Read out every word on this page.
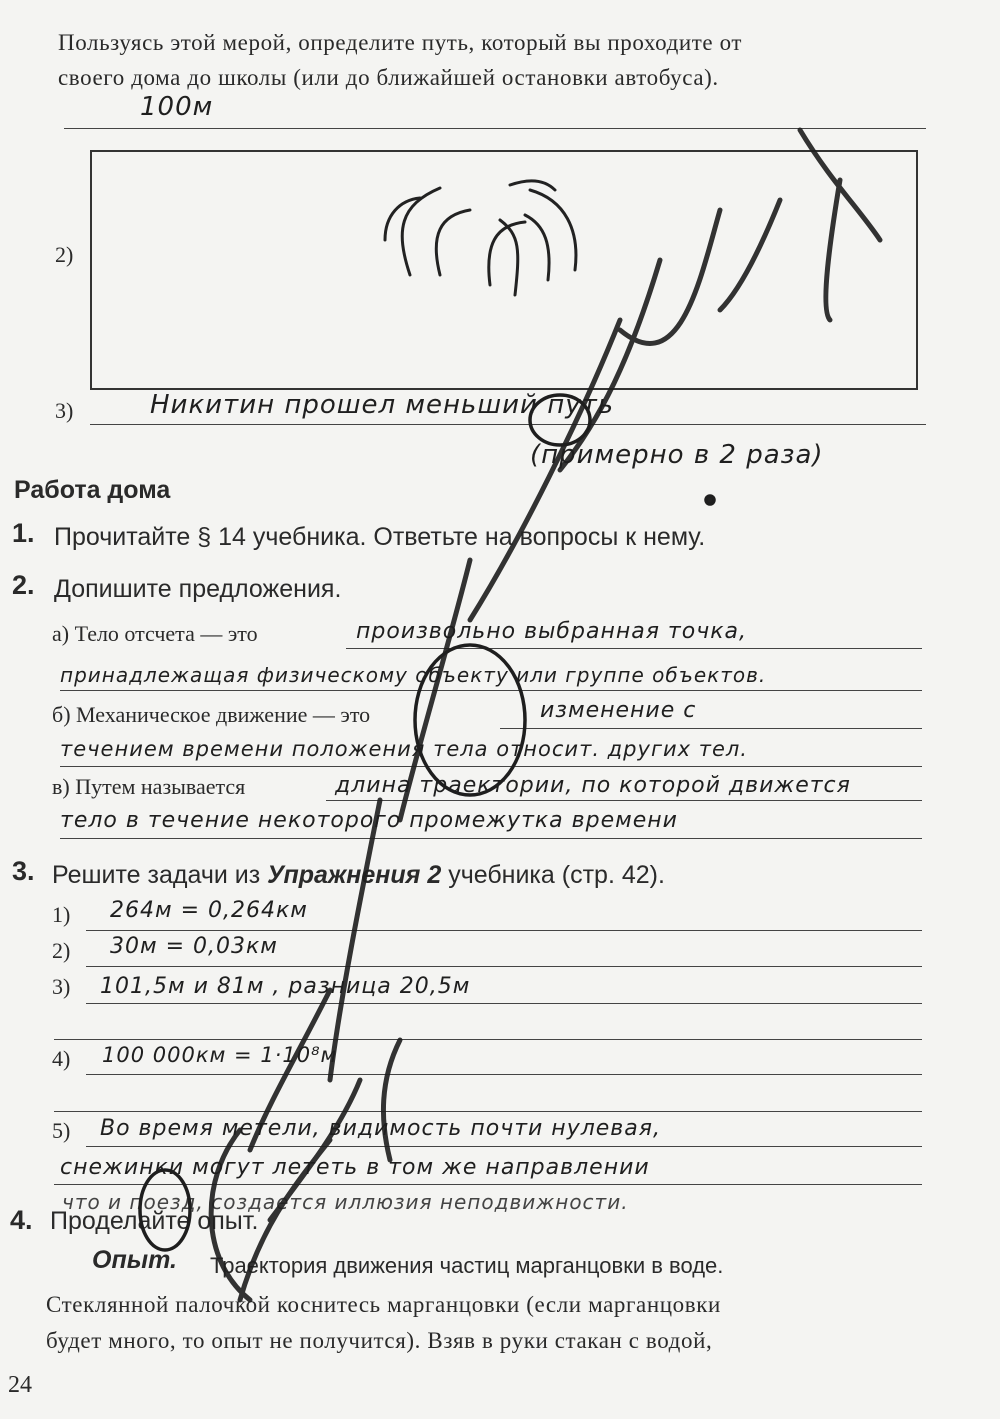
Пользуясь этой мерой, определите путь, который вы проходите от
своего дома до школы (или до ближайшей остановки автобуса).
100м
2)
3)	Никитин прошел меньший путь
(примерно в 2 раза)
Работа дома
1. Прочитайте § 14 учебника. Ответьте на вопросы к нему.
2. Допишите предложения.
а) Тело отсчета — это	произвольно выбранная точка,
принадлежащая физическому объекту или группе объектов.
б) Механическое движение — это	изменение с
течением времени положения тела относит. других тел.
в) Путем называется	длина траектории, по которой движется
тело в течение некоторого промежутка времени
3. Решите задачи из Упражнения 2 учебника (стр. 42).
1) 264м = 0,264км
2) 30м = 0,03км
3) 101,5м и 81м , разница 20,5м
4) 100 000км = 1·10⁸м
5) Во время метели, видимость почти нулевая,
снежинки могут лететь в том же направлении
что и поезд, создается иллюзия неподвижности.
4. Проделайте опыт.
Опыт. Траектория движения частиц марганцовки в воде.
Стеклянной палочкой коснитесь марганцовки (если марганцовки
будет много, то опыт не получится). Взяв в руки стакан с водой,
24
